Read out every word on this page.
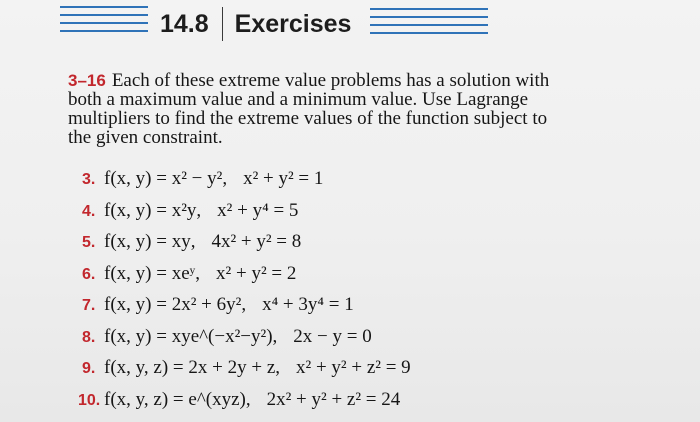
14.8 Exercises
3–16 Each of these extreme value problems has a solution with
both a maximum value and a minimum value. Use Lagrange
multipliers to find the extreme values of the function subject to
the given constraint.
3. f(x, y) = x² − y² , x² + y² = 1
4. f(x, y) = x²y , x² + y⁴ = 5
5. f(x, y) = xy , 4x² + y² = 8
6. f(x, y) = xeʸ , x² + y² = 2
7. f(x, y) = 2x² + 6y² , x⁴ + 3y⁴ = 1
8. f(x, y) = xye^(−x²−y²) , 2x − y = 0
9. f(x, y, z) = 2x + 2y + z , x² + y² + z² = 9
10. f(x, y, z) = e^(xyz) , 2x² + y² + z² = 24
